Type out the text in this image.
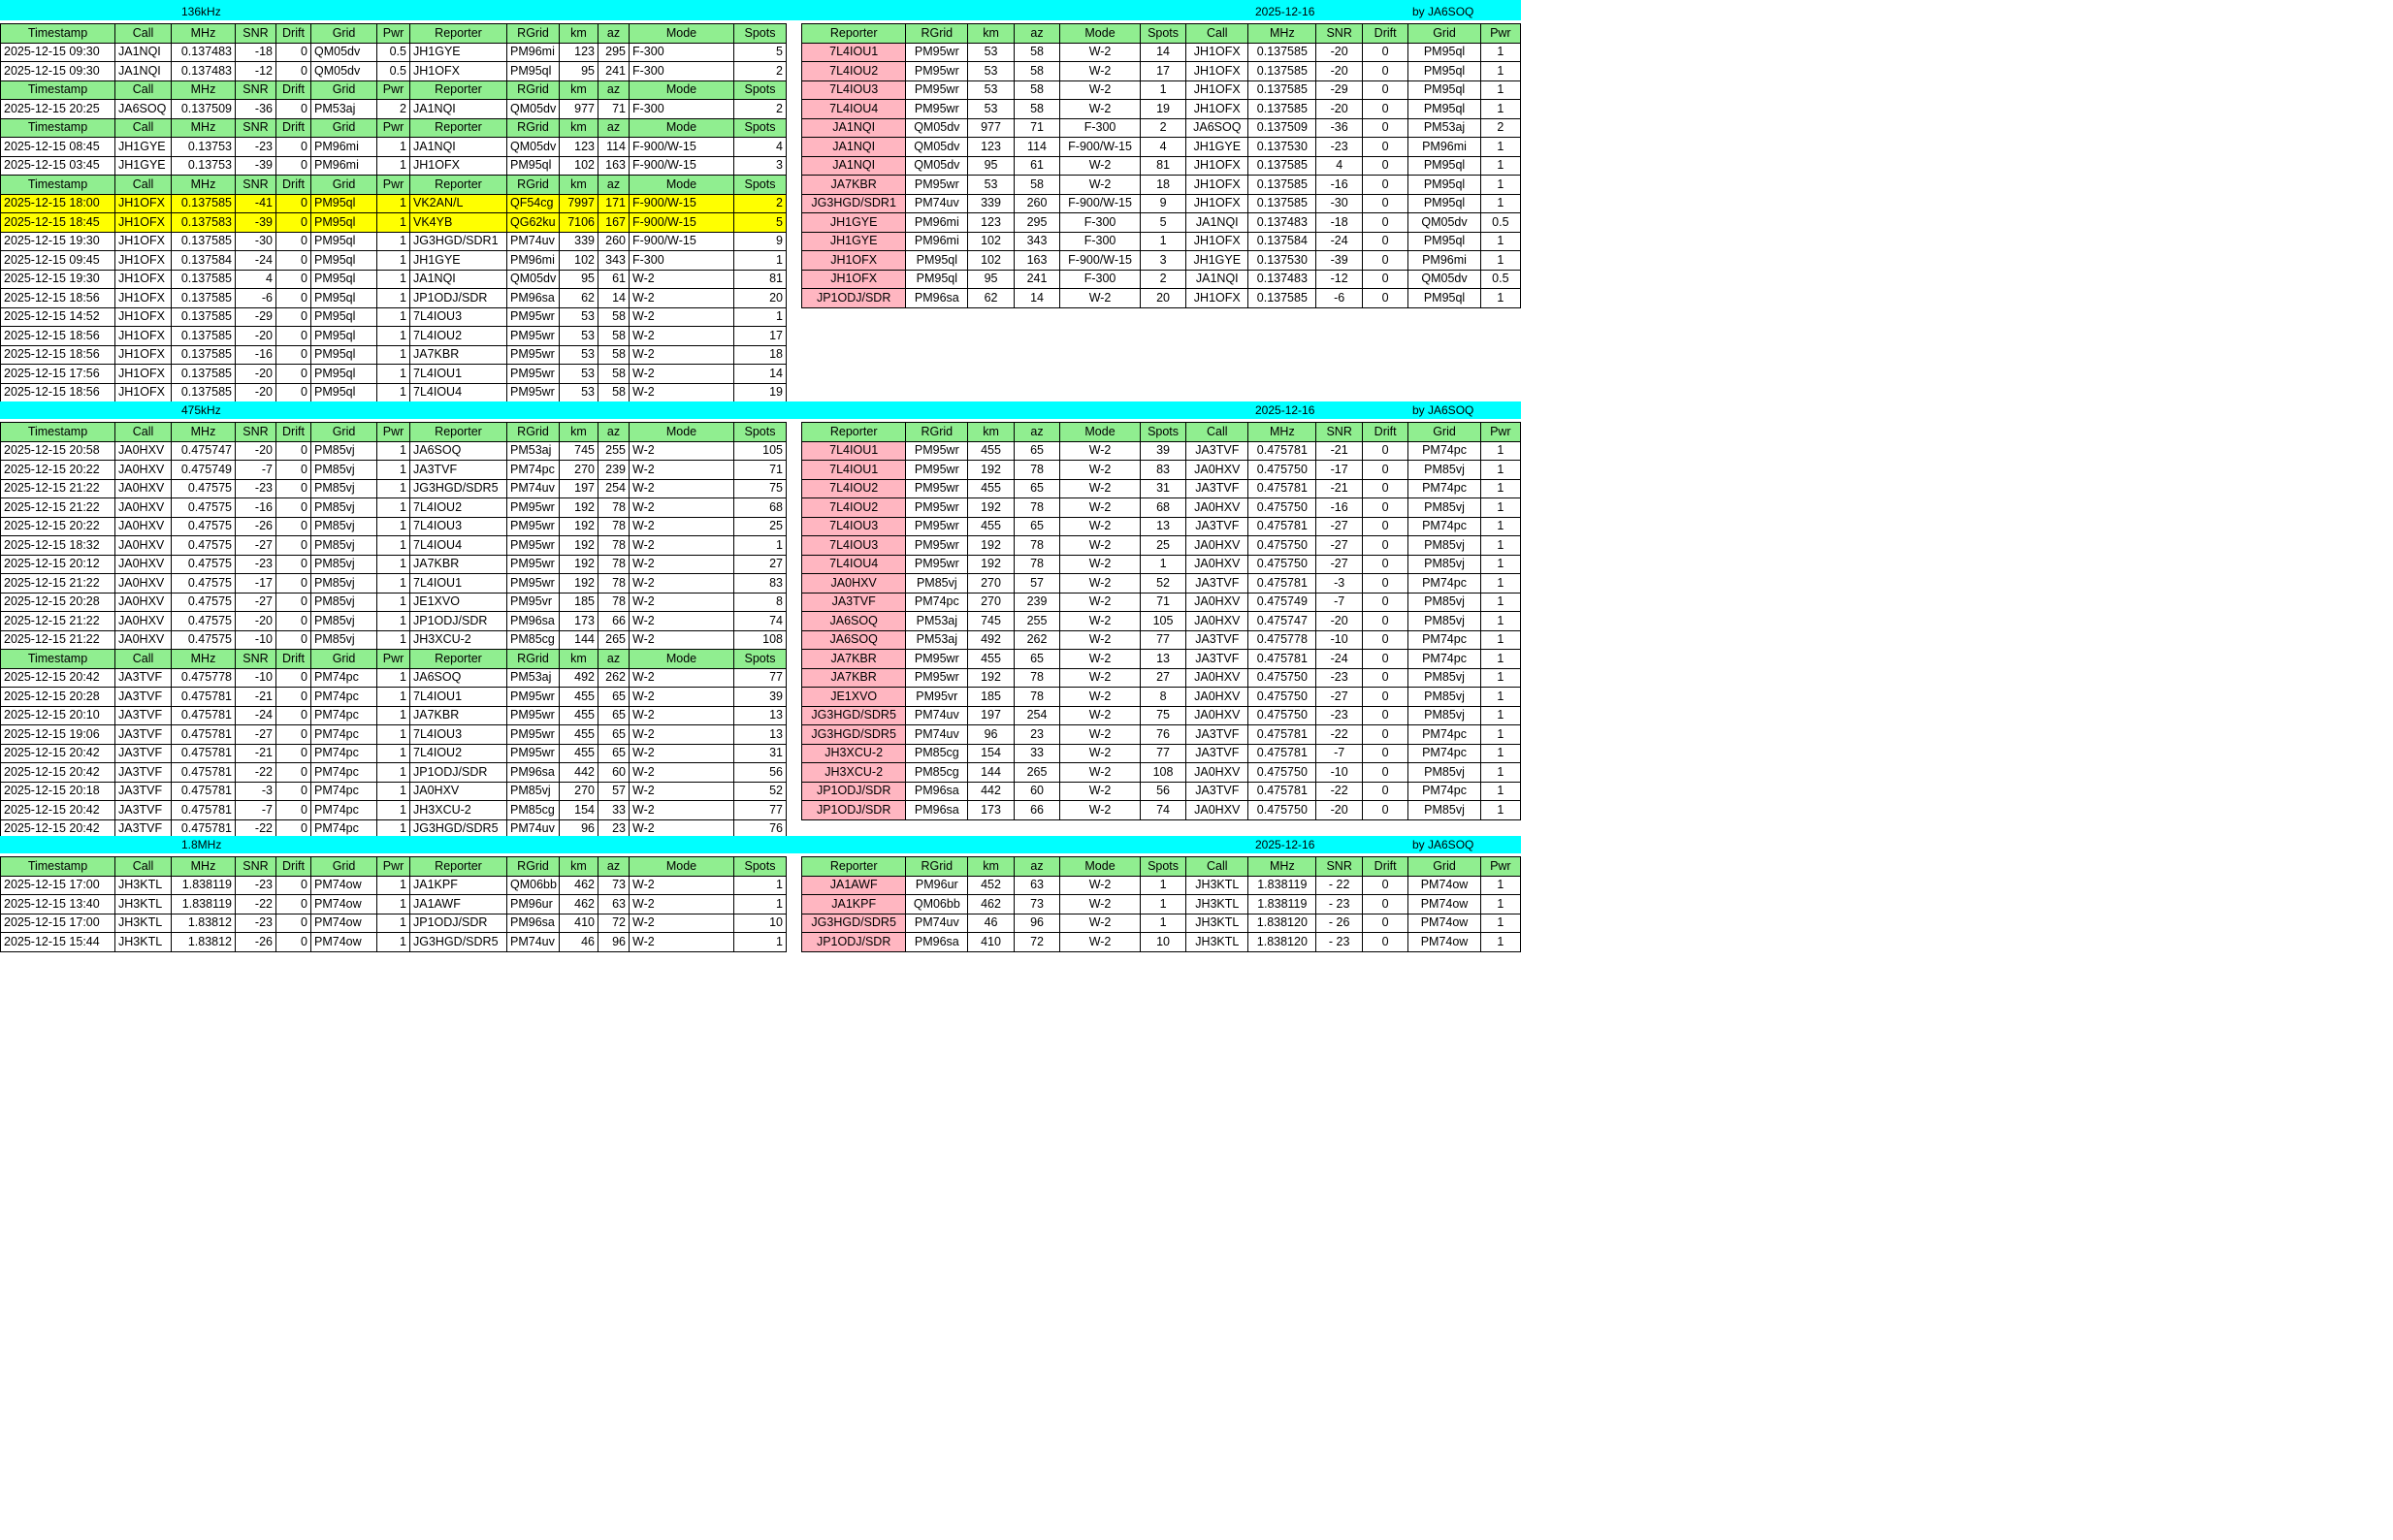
136kHz	2025-12-16	by JA6SOQ
Timestamp	Call	MHz	SNR	Drift	Grid	Pwr	Reporter	RGrid	km	az	Mode	Spots
2025-12-15 09:30	JA1NQI	0.137483	-18	0	QM05dv	0.5	JH1GYE	PM96mi	123	295	F-300	5
2025-12-15 09:30	JA1NQI	0.137483	-12	0	QM05dv	0.5	JH1OFX	PM95ql	95	241	F-300	2
Timestamp	Call	MHz	SNR	Drift	Grid	Pwr	Reporter	RGrid	km	az	Mode	Spots
2025-12-15 20:25	JA6SOQ	0.137509	-36	0	PM53aj	2	JA1NQI	QM05dv	977	71	F-300	2
Timestamp	Call	MHz	SNR	Drift	Grid	Pwr	Reporter	RGrid	km	az	Mode	Spots
2025-12-15 08:45	JH1GYE	0.13753	-23	0	PM96mi	1	JA1NQI	QM05dv	123	114	F-900/W-15	4
2025-12-15 03:45	JH1GYE	0.13753	-39	0	PM96mi	1	JH1OFX	PM95ql	102	163	F-900/W-15	3
Timestamp	Call	MHz	SNR	Drift	Grid	Pwr	Reporter	RGrid	km	az	Mode	Spots
2025-12-15 18:00	JH1OFX	0.137585	-41	0	PM95ql	1	VK2AN/L	QF54cg	7997	171	F-900/W-15	2
2025-12-15 18:45	JH1OFX	0.137583	-39	0	PM95ql	1	VK4YB	QG62ku	7106	167	F-900/W-15	5
2025-12-15 19:30	JH1OFX	0.137585	-30	0	PM95ql	1	JG3HGD/SDR1	PM74uv	339	260	F-900/W-15	9
2025-12-15 09:45	JH1OFX	0.137584	-24	0	PM95ql	1	JH1GYE	PM96mi	102	343	F-300	1
2025-12-15 19:30	JH1OFX	0.137585	4	0	PM95ql	1	JA1NQI	QM05dv	95	61	W-2	81
2025-12-15 18:56	JH1OFX	0.137585	-6	0	PM95ql	1	JP1ODJ/SDR	PM96sa	62	14	W-2	20
2025-12-15 14:52	JH1OFX	0.137585	-29	0	PM95ql	1	7L4IOU3	PM95wr	53	58	W-2	1
2025-12-15 18:56	JH1OFX	0.137585	-20	0	PM95ql	1	7L4IOU2	PM95wr	53	58	W-2	17
2025-12-15 18:56	JH1OFX	0.137585	-16	0	PM95ql	1	JA7KBR	PM95wr	53	58	W-2	18
2025-12-15 17:56	JH1OFX	0.137585	-20	0	PM95ql	1	7L4IOU1	PM95wr	53	58	W-2	14
2025-12-15 18:56	JH1OFX	0.137585	-20	0	PM95ql	1	7L4IOU4	PM95wr	53	58	W-2	19
Reporter	RGrid	km	az	Mode	Spots	Call	MHz	SNR	Drift	Grid	Pwr
7L4IOU1	PM95wr	53	58	W-2	14	JH1OFX	0.137585	-20	0	PM95ql	1
7L4IOU2	PM95wr	53	58	W-2	17	JH1OFX	0.137585	-20	0	PM95ql	1
7L4IOU3	PM95wr	53	58	W-2	1	JH1OFX	0.137585	-29	0	PM95ql	1
7L4IOU4	PM95wr	53	58	W-2	19	JH1OFX	0.137585	-20	0	PM95ql	1
JA1NQI	QM05dv	977	71	F-300	2	JA6SOQ	0.137509	-36	0	PM53aj	2
JA1NQI	QM05dv	123	114	F-900/W-15	4	JH1GYE	0.137530	-23	0	PM96mi	1
JA1NQI	QM05dv	95	61	W-2	81	JH1OFX	0.137585	4	0	PM95ql	1
JA7KBR	PM95wr	53	58	W-2	18	JH1OFX	0.137585	-16	0	PM95ql	1
JG3HGD/SDR1	PM74uv	339	260	F-900/W-15	9	JH1OFX	0.137585	-30	0	PM95ql	1
JH1GYE	PM96mi	123	295	F-300	5	JA1NQI	0.137483	-18	0	QM05dv	0.5
JH1GYE	PM96mi	102	343	F-300	1	JH1OFX	0.137584	-24	0	PM95ql	1
JH1OFX	PM95ql	102	163	F-900/W-15	3	JH1GYE	0.137530	-39	0	PM96mi	1
JH1OFX	PM95ql	95	241	F-300	2	JA1NQI	0.137483	-12	0	QM05dv	0.5
JP1ODJ/SDR	PM96sa	62	14	W-2	20	JH1OFX	0.137585	-6	0	PM95ql	1
475kHz	2025-12-16	by JA6SOQ
Timestamp	Call	MHz	SNR	Drift	Grid	Pwr	Reporter	RGrid	km	az	Mode	Spots
2025-12-15 20:58	JA0HXV	0.475747	-20	0	PM85vj	1	JA6SOQ	PM53aj	745	255	W-2	105
2025-12-15 20:22	JA0HXV	0.475749	-7	0	PM85vj	1	JA3TVF	PM74pc	270	239	W-2	71
2025-12-15 21:22	JA0HXV	0.47575	-23	0	PM85vj	1	JG3HGD/SDR5	PM74uv	197	254	W-2	75
2025-12-15 21:22	JA0HXV	0.47575	-16	0	PM85vj	1	7L4IOU2	PM95wr	192	78	W-2	68
2025-12-15 20:22	JA0HXV	0.47575	-26	0	PM85vj	1	7L4IOU3	PM95wr	192	78	W-2	25
2025-12-15 18:32	JA0HXV	0.47575	-27	0	PM85vj	1	7L4IOU4	PM95wr	192	78	W-2	1
2025-12-15 20:12	JA0HXV	0.47575	-23	0	PM85vj	1	JA7KBR	PM95wr	192	78	W-2	27
2025-12-15 21:22	JA0HXV	0.47575	-17	0	PM85vj	1	7L4IOU1	PM95wr	192	78	W-2	83
2025-12-15 20:28	JA0HXV	0.47575	-27	0	PM85vj	1	JE1XVO	PM95vr	185	78	W-2	8
2025-12-15 21:22	JA0HXV	0.47575	-20	0	PM85vj	1	JP1ODJ/SDR	PM96sa	173	66	W-2	74
2025-12-15 21:22	JA0HXV	0.47575	-10	0	PM85vj	1	JH3XCU-2	PM85cg	144	265	W-2	108
Timestamp	Call	MHz	SNR	Drift	Grid	Pwr	Reporter	RGrid	km	az	Mode	Spots
2025-12-15 20:42	JA3TVF	0.475778	-10	0	PM74pc	1	JA6SOQ	PM53aj	492	262	W-2	77
2025-12-15 20:28	JA3TVF	0.475781	-21	0	PM74pc	1	7L4IOU1	PM95wr	455	65	W-2	39
2025-12-15 20:10	JA3TVF	0.475781	-24	0	PM74pc	1	JA7KBR	PM95wr	455	65	W-2	13
2025-12-15 19:06	JA3TVF	0.475781	-27	0	PM74pc	1	7L4IOU3	PM95wr	455	65	W-2	13
2025-12-15 20:42	JA3TVF	0.475781	-21	0	PM74pc	1	7L4IOU2	PM95wr	455	65	W-2	31
2025-12-15 20:42	JA3TVF	0.475781	-22	0	PM74pc	1	JP1ODJ/SDR	PM96sa	442	60	W-2	56
2025-12-15 20:18	JA3TVF	0.475781	-3	0	PM74pc	1	JA0HXV	PM85vj	270	57	W-2	52
2025-12-15 20:42	JA3TVF	0.475781	-7	0	PM74pc	1	JH3XCU-2	PM85cg	154	33	W-2	77
2025-12-15 20:42	JA3TVF	0.475781	-22	0	PM74pc	1	JG3HGD/SDR5	PM74uv	96	23	W-2	76
Reporter	RGrid	km	az	Mode	Spots	Call	MHz	SNR	Drift	Grid	Pwr
7L4IOU1	PM95wr	455	65	W-2	39	JA3TVF	0.475781	-21	0	PM74pc	1
7L4IOU1	PM95wr	192	78	W-2	83	JA0HXV	0.475750	-17	0	PM85vj	1
7L4IOU2	PM95wr	455	65	W-2	31	JA3TVF	0.475781	-21	0	PM74pc	1
7L4IOU2	PM95wr	192	78	W-2	68	JA0HXV	0.475750	-16	0	PM85vj	1
7L4IOU3	PM95wr	455	65	W-2	13	JA3TVF	0.475781	-27	0	PM74pc	1
7L4IOU3	PM95wr	192	78	W-2	25	JA0HXV	0.475750	-27	0	PM85vj	1
7L4IOU4	PM95wr	192	78	W-2	1	JA0HXV	0.475750	-27	0	PM85vj	1
JA0HXV	PM85vj	270	57	W-2	52	JA3TVF	0.475781	-3	0	PM74pc	1
JA3TVF	PM74pc	270	239	W-2	71	JA0HXV	0.475749	-7	0	PM85vj	1
JA6SOQ	PM53aj	745	255	W-2	105	JA0HXV	0.475747	-20	0	PM85vj	1
JA6SOQ	PM53aj	492	262	W-2	77	JA3TVF	0.475778	-10	0	PM74pc	1
JA7KBR	PM95wr	455	65	W-2	13	JA3TVF	0.475781	-24	0	PM74pc	1
JA7KBR	PM95wr	192	78	W-2	27	JA0HXV	0.475750	-23	0	PM85vj	1
JE1XVO	PM95vr	185	78	W-2	8	JA0HXV	0.475750	-27	0	PM85vj	1
JG3HGD/SDR5	PM74uv	197	254	W-2	75	JA0HXV	0.475750	-23	0	PM85vj	1
JG3HGD/SDR5	PM74uv	96	23	W-2	76	JA3TVF	0.475781	-22	0	PM74pc	1
JH3XCU-2	PM85cg	154	33	W-2	77	JA3TVF	0.475781	-7	0	PM74pc	1
JH3XCU-2	PM85cg	144	265	W-2	108	JA0HXV	0.475750	-10	0	PM85vj	1
JP1ODJ/SDR	PM96sa	442	60	W-2	56	JA3TVF	0.475781	-22	0	PM74pc	1
JP1ODJ/SDR	PM96sa	173	66	W-2	74	JA0HXV	0.475750	-20	0	PM85vj	1
1.8MHz	2025-12-16	by JA6SOQ
Timestamp	Call	MHz	SNR	Drift	Grid	Pwr	Reporter	RGrid	km	az	Mode	Spots
2025-12-15 17:00	JH3KTL	1.838119	-23	0	PM74ow	1	JA1KPF	QM06bb	462	73	W-2	1
2025-12-15 13:40	JH3KTL	1.838119	-22	0	PM74ow	1	JA1AWF	PM96ur	462	63	W-2	1
2025-12-15 17:00	JH3KTL	1.83812	-23	0	PM74ow	1	JP1ODJ/SDR	PM96sa	410	72	W-2	10
2025-12-15 15:44	JH3KTL	1.83812	-26	0	PM74ow	1	JG3HGD/SDR5	PM74uv	46	96	W-2	1
Reporter	RGrid	km	az	Mode	Spots	Call	MHz	SNR	Drift	Grid	Pwr
JA1AWF	PM96ur	452	63	W-2	1	JH3KTL	1.838119	- 22	0	PM74ow	1
JA1KPF	QM06bb	462	73	W-2	1	JH3KTL	1.838119	- 23	0	PM74ow	1
JG3HGD/SDR5	PM74uv	46	96	W-2	1	JH3KTL	1.838120	- 26	0	PM74ow	1
JP1ODJ/SDR	PM96sa	410	72	W-2	10	JH3KTL	1.838120	- 23	0	PM74ow	1
